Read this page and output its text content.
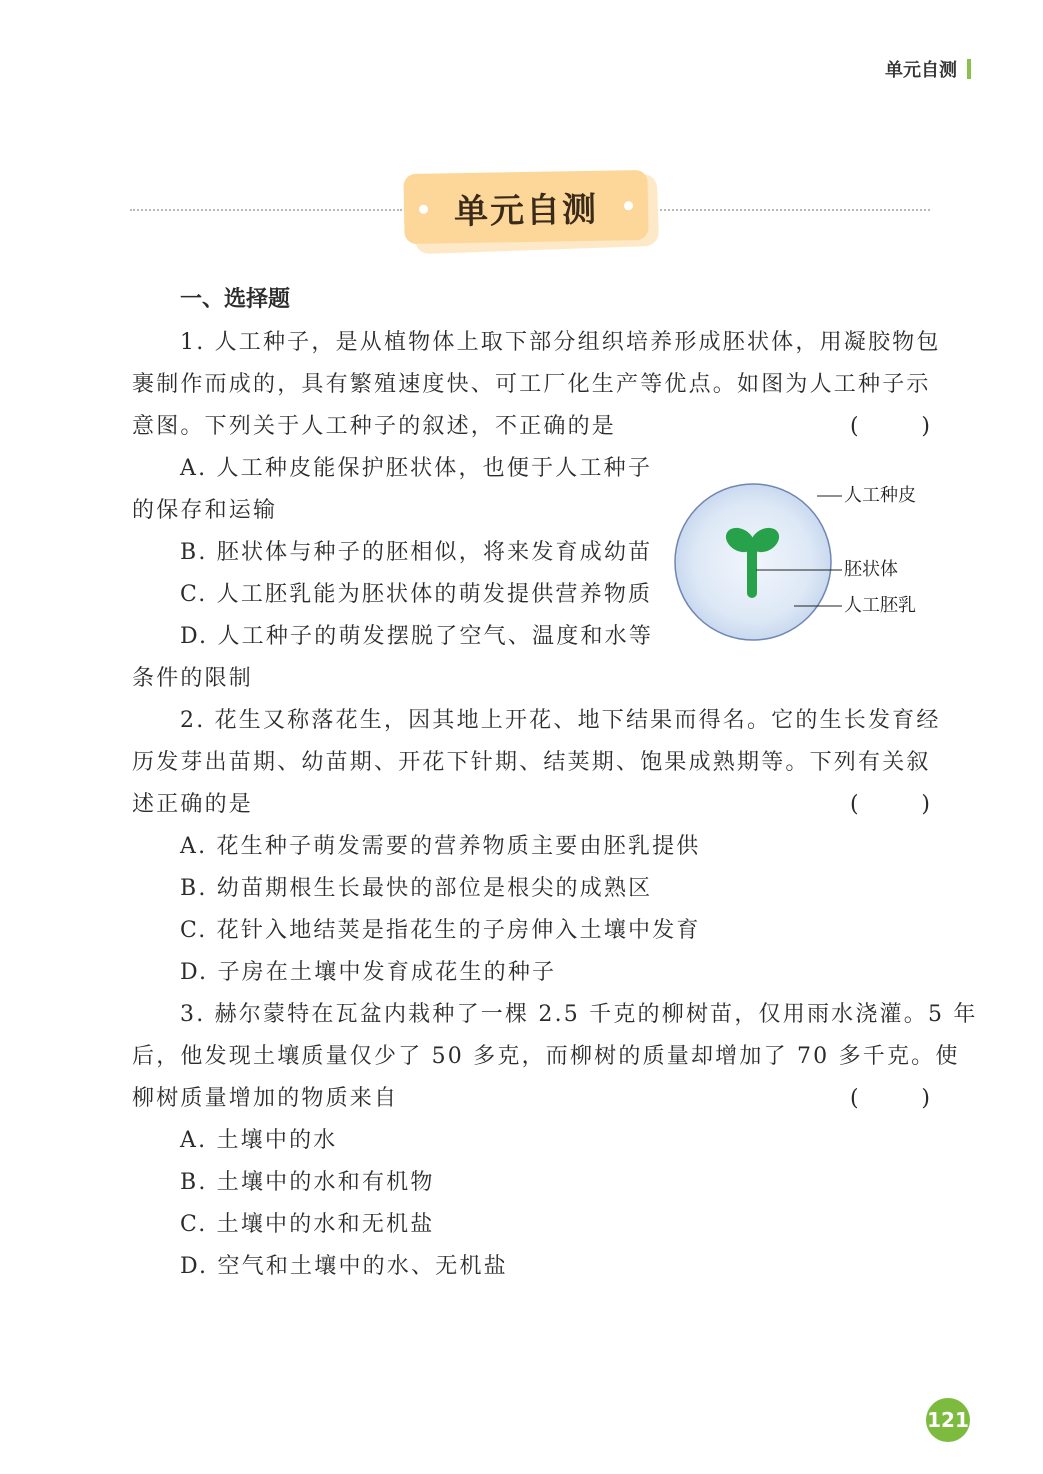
单元自测
单元自测
一、选择题
1. 人工种子，是从植物体上取下部分组织培养形成胚状体，用凝胶物包
裹制作而成的，具有繁殖速度快、可工厂化生产等优点。如图为人工种子示
意图。下列关于人工种子的叙述，不正确的是	(	)
A. 人工种皮能保护胚状体，也便于人工种子
的保存和运输
B. 胚状体与种子的胚相似，将来发育成幼苗
C. 人工胚乳能为胚状体的萌发提供营养物质
D. 人工种子的萌发摆脱了空气、温度和水等
条件的限制
2. 花生又称落花生，因其地上开花、地下结果而得名。它的生长发育经
历发芽出苗期、幼苗期、开花下针期、结荚期、饱果成熟期等。下列有关叙
述正确的是	(	)
A. 花生种子萌发需要的营养物质主要由胚乳提供
B. 幼苗期根生长最快的部位是根尖的成熟区
C. 花针入地结荚是指花生的子房伸入土壤中发育
D. 子房在土壤中发育成花生的种子
3. 赫尔蒙特在瓦盆内栽种了一棵 2.5 千克的柳树苗，仅用雨水浇灌。5 年
后，他发现土壤质量仅少了 50 多克，而柳树的质量却增加了 70 多千克。使
柳树质量增加的物质来自	(	)
A. 土壤中的水
B. 土壤中的水和有机物
C. 土壤中的水和无机盐
D. 空气和土壤中的水、无机盐
人工种皮
胚状体
人工胚乳
121
